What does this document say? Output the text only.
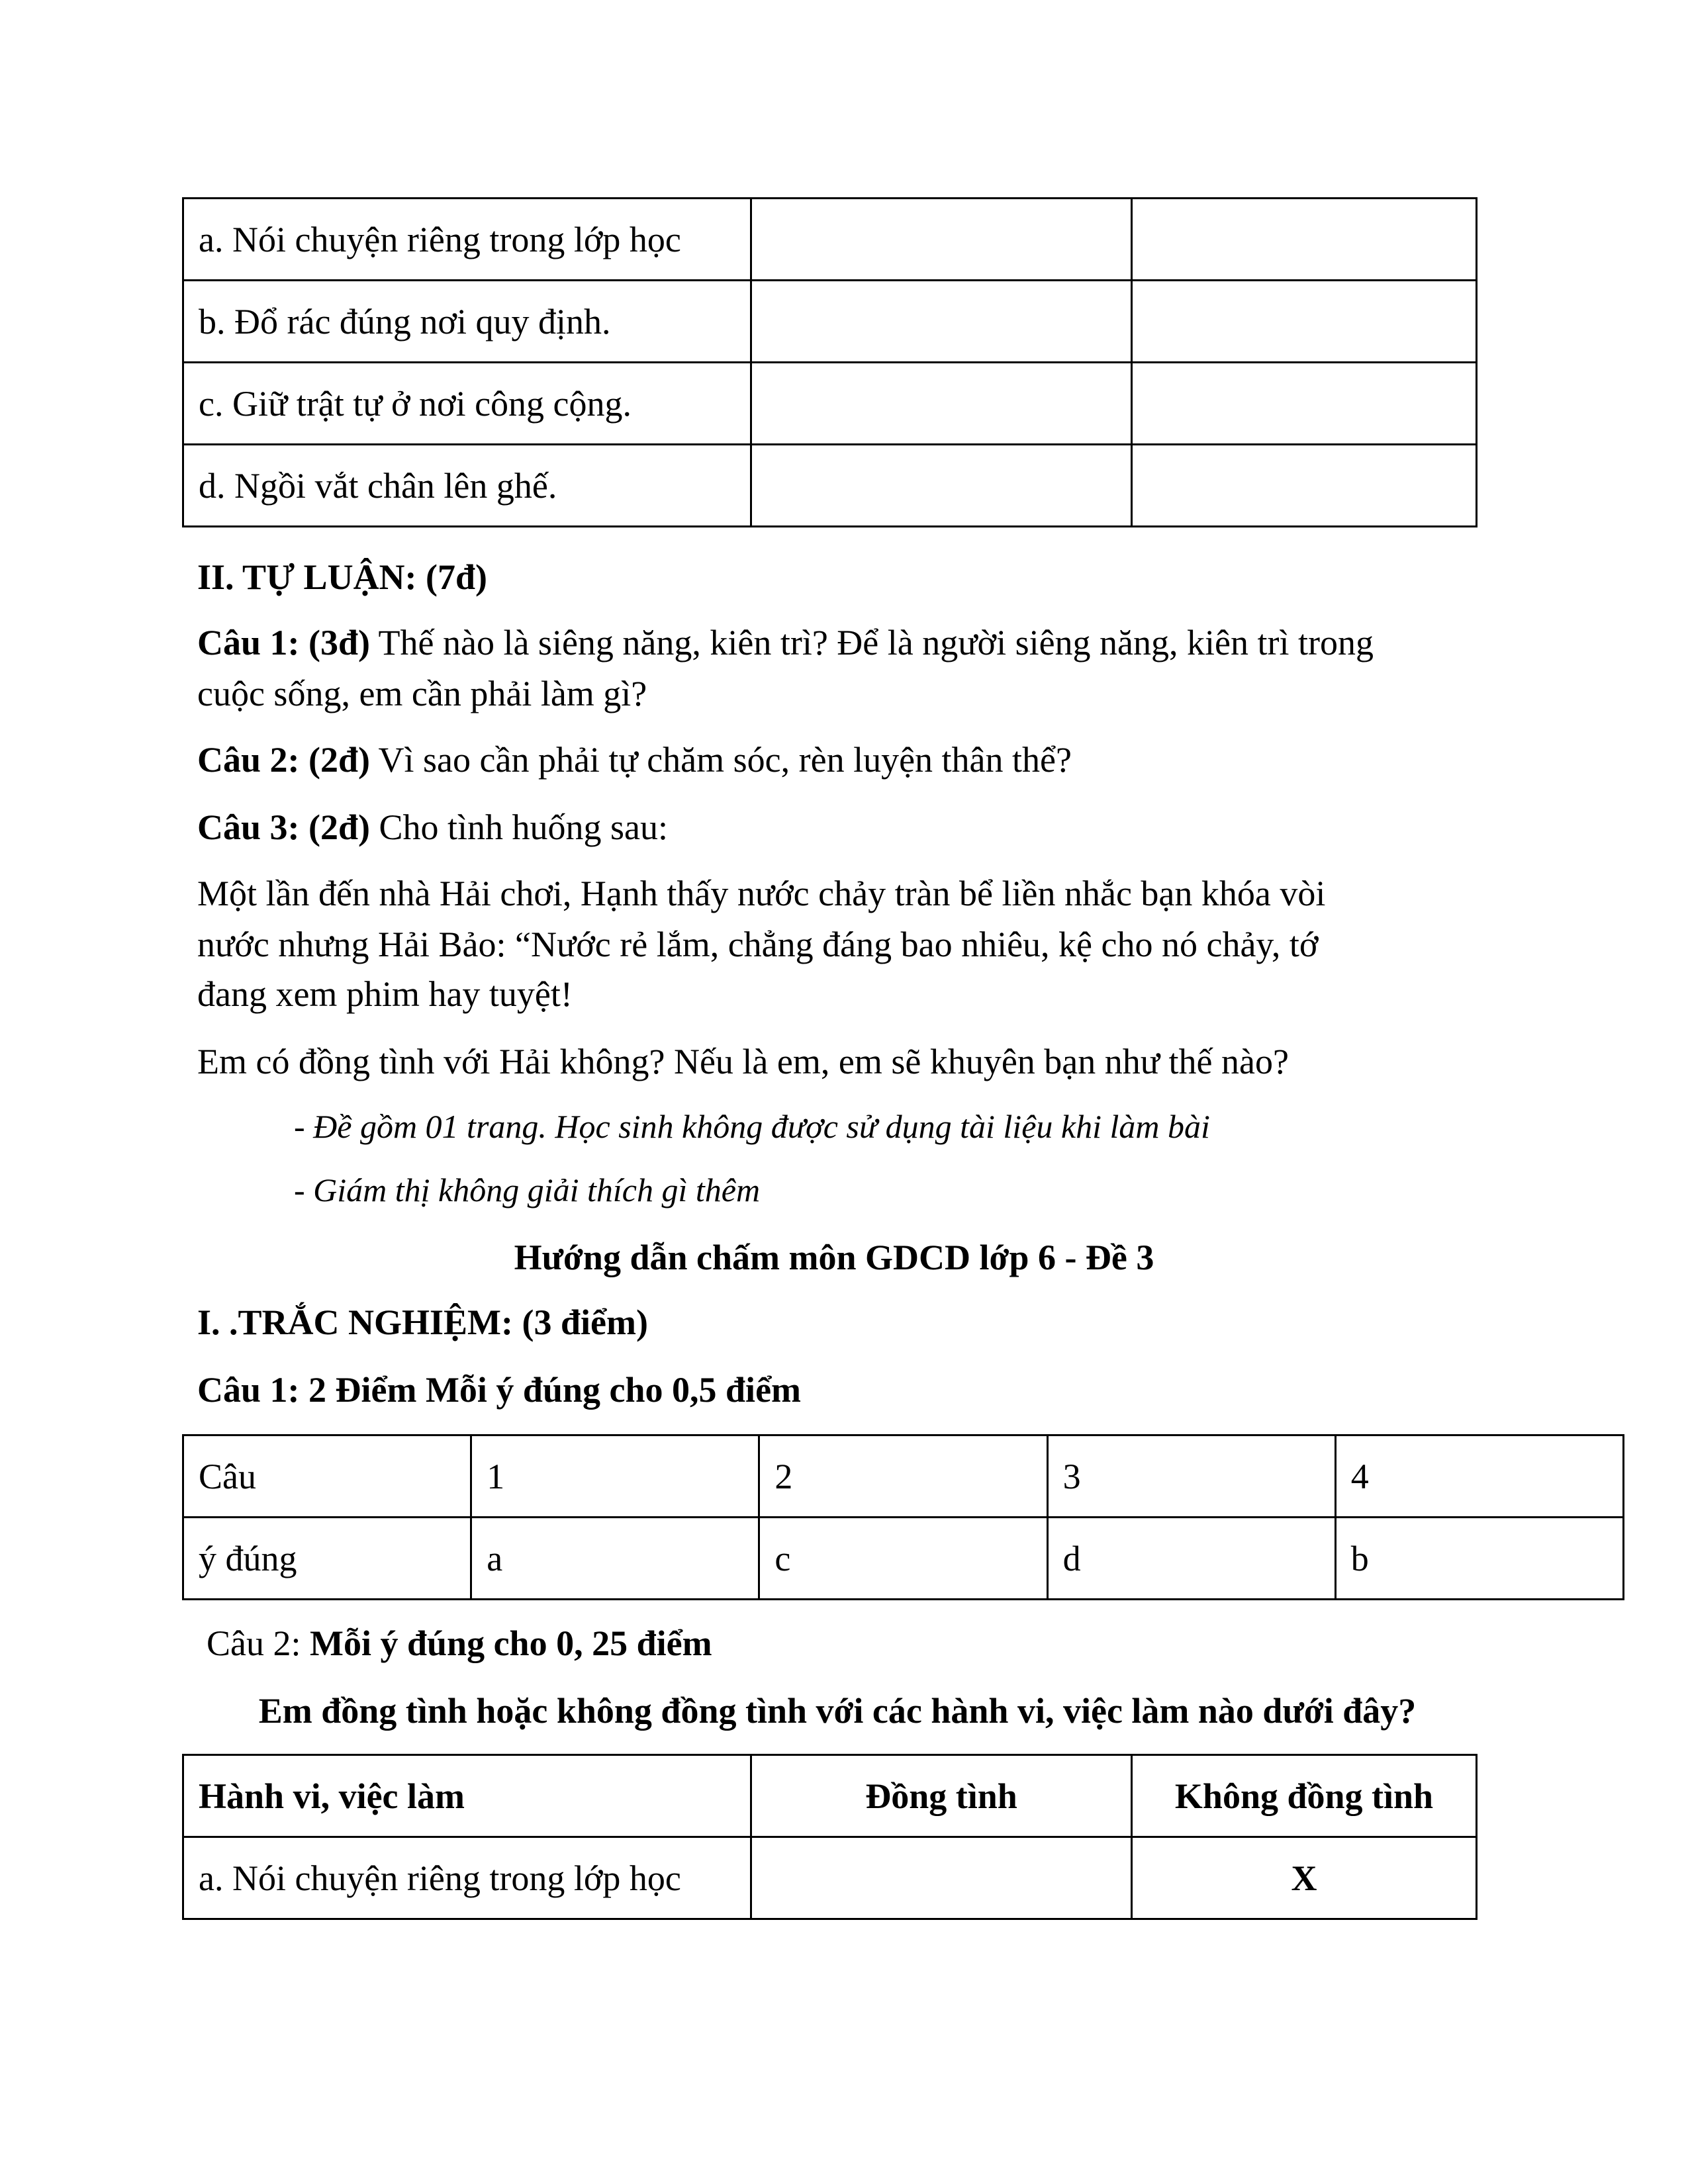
a. Nói chuyện riêng trong lớp học		
b. Đổ rác đúng nơi quy định.		
c. Giữ trật tự ở nơi công cộng.		
d. Ngồi vắt chân lên ghế.		
II. TỰ LUẬN: (7đ)
Câu 1: (3đ) Thế nào là siêng năng, kiên trì? Để là người siêng năng, kiên trì trong
cuộc sống, em cần phải làm gì?
Câu 2: (2đ) Vì sao cần phải tự chăm sóc, rèn luyện thân thể?
Câu 3: (2đ) Cho tình huống sau:
Một lần đến nhà Hải chơi, Hạnh thấy nước chảy tràn bể liền nhắc bạn khóa vòi
nước nhưng Hải Bảo: “Nước rẻ lắm, chẳng đáng bao nhiêu, kệ cho nó chảy, tớ
đang xem phim hay tuyệt!
Em có đồng tình với Hải không? Nếu là em, em sẽ khuyên bạn như thế nào?
- Đề gồm 01 trang. Học sinh không được sử dụng tài liệu khi làm bài
- Giám thị không giải thích gì thêm
Hướng dẫn chấm môn GDCD lớp 6 - Đề 3
I. .TRẮC NGHIỆM: (3 điểm)
Câu 1: 2 Điểm Mỗi ý đúng cho 0,5 điểm
Câu	1	2	3	4
ý đúng	a	c	d	b
Câu 2: Mỗi ý đúng cho 0, 25 điểm
Em đồng tình hoặc không đồng tình với các hành vi, việc làm nào dưới đây?
Hành vi, việc làm	Đồng tình	Không đồng tình
a. Nói chuyện riêng trong lớp học		X
